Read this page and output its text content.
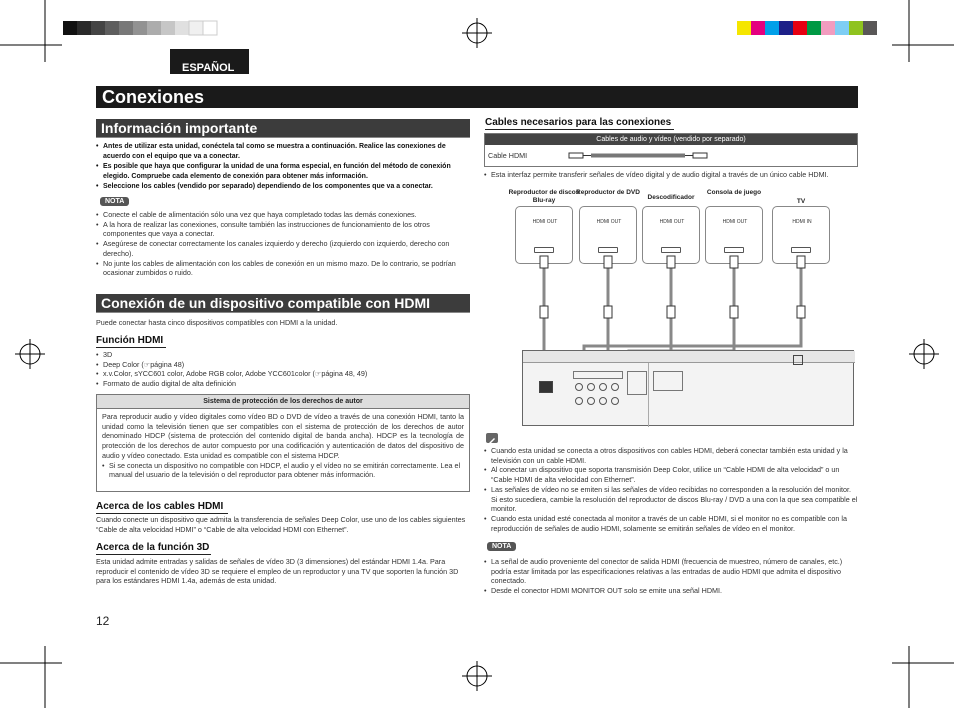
ESPAÑOL
Conexiones
Información importante
• Antes de utilizar esta unidad, conéctela tal como se muestra a continuación. Realice las conexiones de acuerdo con el equipo que va a conectar.
• Es posible que haya que configurar la unidad de una forma especial, en función del método de conexión elegido. Compruebe cada elemento de conexión para obtener más información.
• Seleccione los cables (vendido por separado) dependiendo de los componentes que va a conectar.
NOTA
• Conecte el cable de alimentación sólo una vez que haya completado todas las demás conexiones.
• A la hora de realizar las conexiones, consulte también las instrucciones de funcionamiento de los otros componentes que vaya a conectar.
• Asegúrese de conectar correctamente los canales izquierdo y derecho (izquierdo con izquierdo, derecho con derecho).
• No junte los cables de alimentación con los cables de conexión en un mismo mazo. De lo contrario, se podrían ocasionar zumbidos o ruido.
Conexión de un dispositivo compatible con HDMI
Puede conectar hasta cinco dispositivos compatibles con HDMI a la unidad.
Función HDMI
• 3D
• Deep Color (☞página 48)
• x.v.Color, sYCC601 color, Adobe RGB color, Adobe YCC601color (☞página 48, 49)
• Formato de audio digital de alta definición
Sistema de protección de los derechos de autor
Para reproducir audio y vídeo digitales como vídeo BD o DVD de vídeo a través de una conexión HDMI, tanto la unidad como la televisión tienen que ser compatibles con el sistema de protección de los derechos de autor denominado HDCP (sistema de protección del contenido digital de banda ancha). HDCP es la tecnología de protección de los derechos de autor compuesto por una codificación y autenticación de datos del dispositivo de audio y vídeo conectado. Esta unidad es compatible con el sistema HDCP.
• Si se conecta un dispositivo no compatible con HDCP, el audio y el vídeo no se emitirán correctamente. Lea el manual del usuario de la televisión o del reproductor para obtener más información.
Acerca de los cables HDMI
Cuando conecte un dispositivo que admita la transferencia de señales Deep Color, use uno de los cables siguientes “Cable de alta velocidad HDMI” o “Cable de alta velocidad HDMI con Ethernet”.
Acerca de la función 3D
Esta unidad admite entradas y salidas de señales de vídeo 3D (3 dimensiones) del estándar HDMI 1.4a. Para reproducir el contenido de vídeo 3D se requiere el empleo de un reproductor y una TV que soporten la función 3D para los estándares HDMI 1.4a, además de esta unidad.
12
Cables necesarios para las conexiones
Cables de audio y vídeo (vendido por separado)
Cable HDMI
• Esta interfaz permite transferir señales de vídeo digital y de audio digital a través de un único cable HDMI.
Reproductor de discos Blu-ray
Reproductor de DVD
Descodificador
Consola de juego
TV
HDMI OUT	HDMI OUT	HDMI OUT	HDMI OUT	HDMI IN
• Cuando esta unidad se conecta a otros dispositivos con cables HDMI, deberá conectar también esta unidad y la televisión con un cable HDMI.
• Al conectar un dispositivo que soporta transmisión Deep Color, utilice un “Cable HDMI de alta velocidad” o un “Cable HDMI de alta velocidad con Ethernet”.
• Las señales de vídeo no se emiten si las señales de vídeo recibidas no corresponden a la resolución del monitor. Si esto sucediera, cambie la resolución del reproductor de discos Blu-ray / DVD a una con la que sea compatible el monitor.
• Cuando esta unidad esté conectada al monitor a través de un cable HDMI, si el monitor no es compatible con la reproducción de señales de audio HDMI, solamente se emitirán señales de vídeo en el monitor.
NOTA
• La señal de audio proveniente del conector de salida HDMI (frecuencia de muestreo, número de canales, etc.) podría estar limitada por las especificaciones relativas a las entradas de audio HDMI que admita el dispositivo conectado.
• Desde el conector HDMI MONITOR OUT solo se emite una señal HDMI.
